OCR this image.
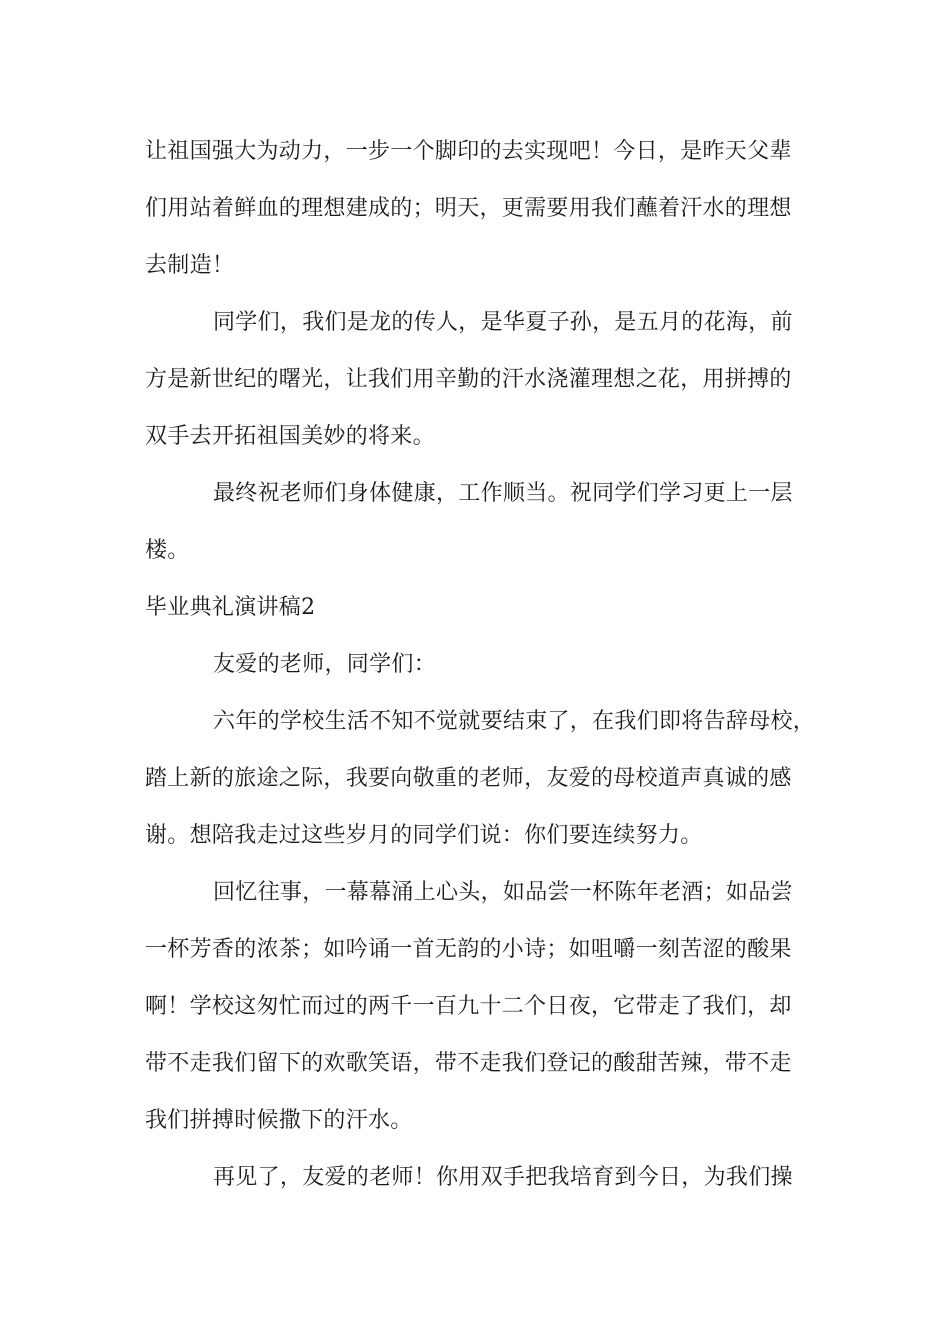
让祖国强大为动力，一步一个脚印的去实现吧！今日，是昨天父辈
们用站着鲜血的理想建成的；明天，更需要用我们蘸着汗水的理想
去制造！
同学们，我们是龙的传人，是华夏子孙，是五月的花海，前
方是新世纪的曙光，让我们用辛勤的汗水浇灌理想之花，用拼搏的
双手去开拓祖国美妙的将来。
最终祝老师们身体健康，工作顺当。祝同学们学习更上一层
楼。
毕业典礼演讲稿2
友爱的老师，同学们：
六年的学校生活不知不觉就要结束了，在我们即将告辞母校，
踏上新的旅途之际，我要向敬重的老师，友爱的母校道声真诚的感
谢。想陪我走过这些岁月的同学们说：你们要连续努力。
回忆往事，一幕幕涌上心头，如品尝一杯陈年老酒；如品尝
一杯芳香的浓茶；如吟诵一首无韵的小诗；如咀嚼一刻苦涩的酸果
啊！学校这匆忙而过的两千一百九十二个日夜，它带走了我们，却
带不走我们留下的欢歌笑语，带不走我们登记的酸甜苦辣，带不走
我们拼搏时候撒下的汗水。
再见了，友爱的老师！你用双手把我培育到今日，为我们操
